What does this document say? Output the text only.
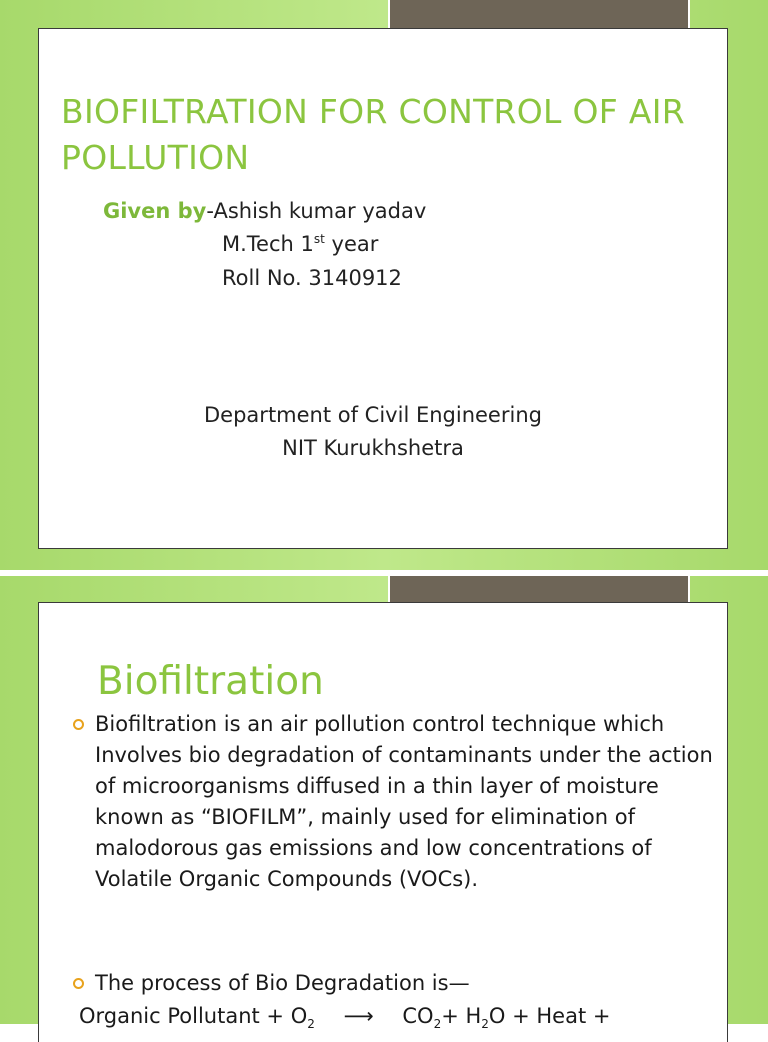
BIOFILTRATION FOR CONTROL OF AIR POLLUTION
Given by-Ashish kumar yadav
M.Tech 1st year
Roll No. 3140912
Department of Civil Engineering
NIT Kurukhshetra
Biofiltration
Biofiltration is an air pollution control technique which Involves bio degradation of contaminants under the action of microorganisms diffused in a thin layer of moisture known as “BIOFILM”, mainly used for elimination of malodorous gas emissions and low concentrations of Volatile Organic Compounds (VOCs).
The process of Bio Degradation is—
Organic Pollutant + $O_2$ ⟶ $CO_2+ H_2O$ + Heat +
